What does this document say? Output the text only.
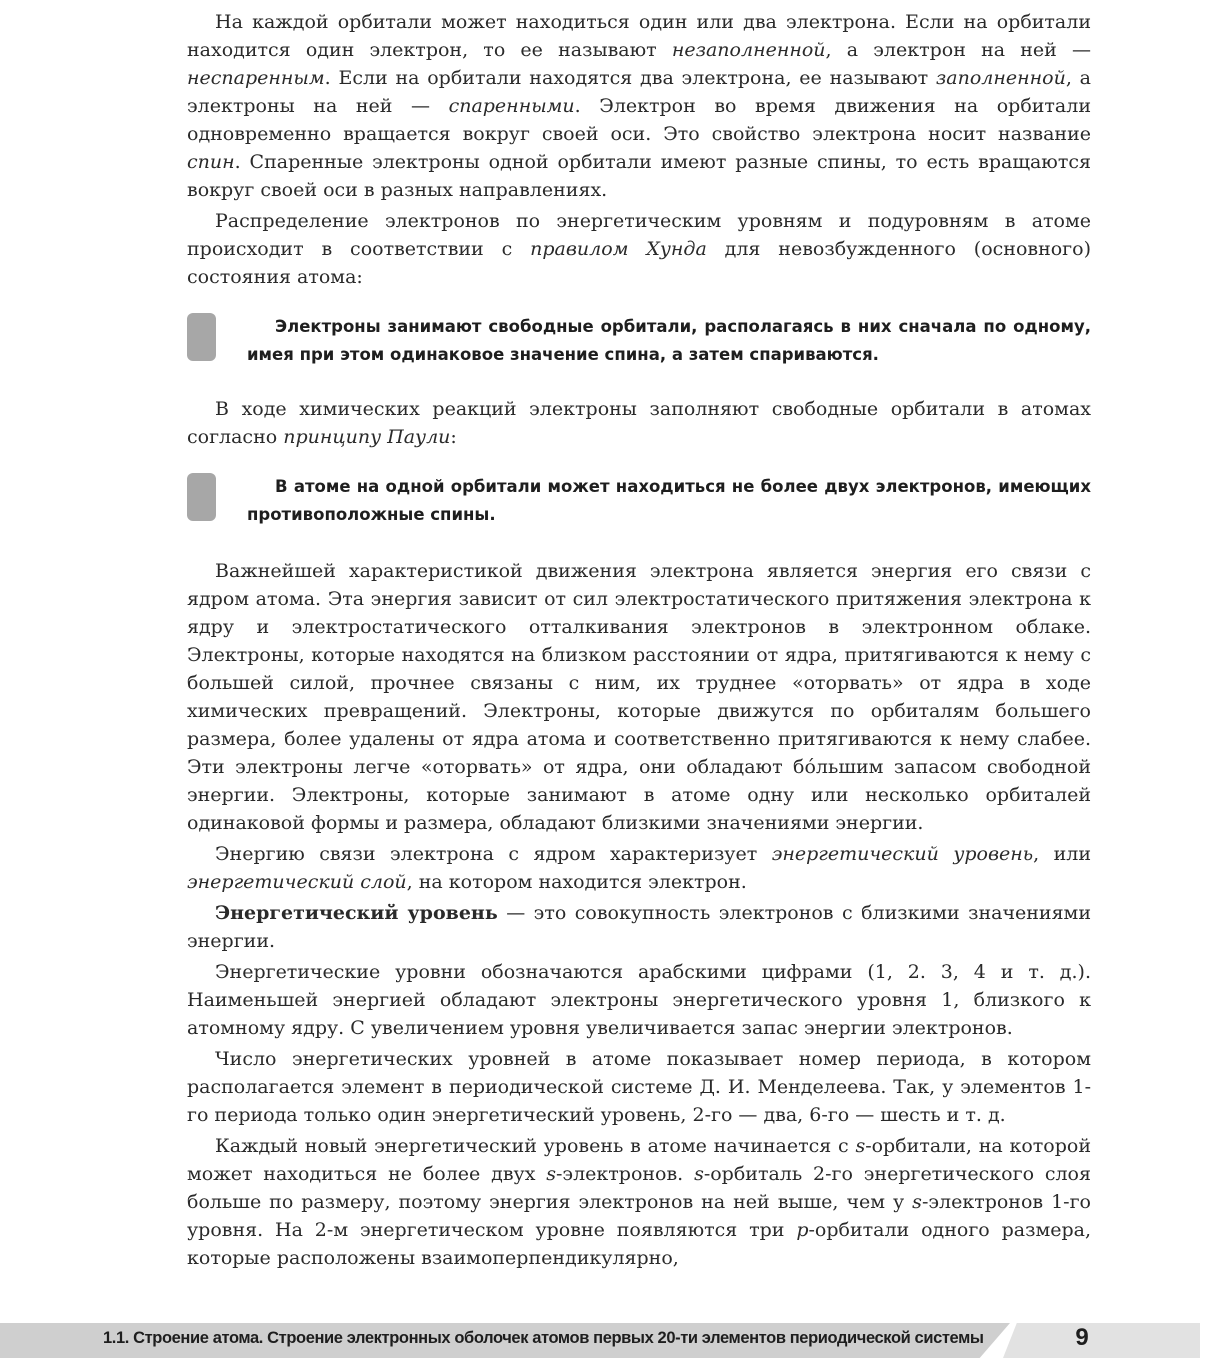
На каждой орбитали может находиться один или два электрона. Если на орбитали находится один электрон, то ее называют незаполненной, а электрон на ней — неспаренным. Если на орбитали находятся два электрона, ее называют заполненной, а электроны на ней — спаренными. Электрон во время движения на орбитали одновременно вращается вокруг своей оси. Это свойство электрона носит название спин. Спаренные электроны одной орбитали имеют разные спины, то есть вращаются вокруг своей оси в разных направлениях.

Распределение электронов по энергетическим уровням и подуровням в атоме происходит в соответствии с правилом Хунда для невозбужденного (основного) состояния атома:

Электроны занимают свободные орбитали, располагаясь в них сначала по одному, имея при этом одинаковое значение спина, а затем спариваются.

В ходе химических реакций электроны заполняют свободные орбитали в атомах согласно принципу Паули:

В атоме на одной орбитали может находиться не более двух электронов, имеющих противоположные спины.

Важнейшей характеристикой движения электрона является энергия его связи с ядром атома. Эта энергия зависит от сил электростатического притяжения электрона к ядру и электростатического отталкивания электронов в электронном облаке. Электроны, которые находятся на близком расстоянии от ядра, притягиваются к нему с большей силой, прочнее связаны с ним, их труднее «оторвать» от ядра в ходе химических превращений. Электроны, которые движутся по орбиталям большего размера, более удалены от ядра атома и соответственно притягиваются к нему слабее. Эти электроны легче «оторвать» от ядра, они обладают бóльшим запасом свободной энергии. Электроны, которые занимают в атоме одну или несколько орбиталей одинаковой формы и размера, обладают близкими значениями энергии.

Энергию связи электрона с ядром характеризует энергетический уровень, или энергетический слой, на котором находится электрон.

Энергетический уровень — это совокупность электронов с близкими значениями энергии.

Энергетические уровни обозначаются арабскими цифрами (1, 2. 3, 4 и т. д.). Наименьшей энергией обладают электроны энергетического уровня 1, близкого к атомному ядру. С увеличением уровня увеличивается запас энергии электронов.

Число энергетических уровней в атоме показывает номер периода, в котором располагается элемент в периодической системе Д. И. Менделеева. Так, у элементов 1-го периода только один энергетический уровень, 2-го — два, 6-го — шесть и т. д.

Каждый новый энергетический уровень в атоме начинается с s-орбитали, на которой может находиться не более двух s-электронов. s-орбиталь 2-го энергетического слоя больше по размеру, поэтому энергия электронов на ней выше, чем у s-электронов 1-го уровня. На 2-м энергетическом уровне появляются три p-орбитали одного размера, которые расположены взаимоперпендикулярно,

1.1. Строение атома. Строение электронных оболочек атомов первых 20-ти элементов периодической системы	9
